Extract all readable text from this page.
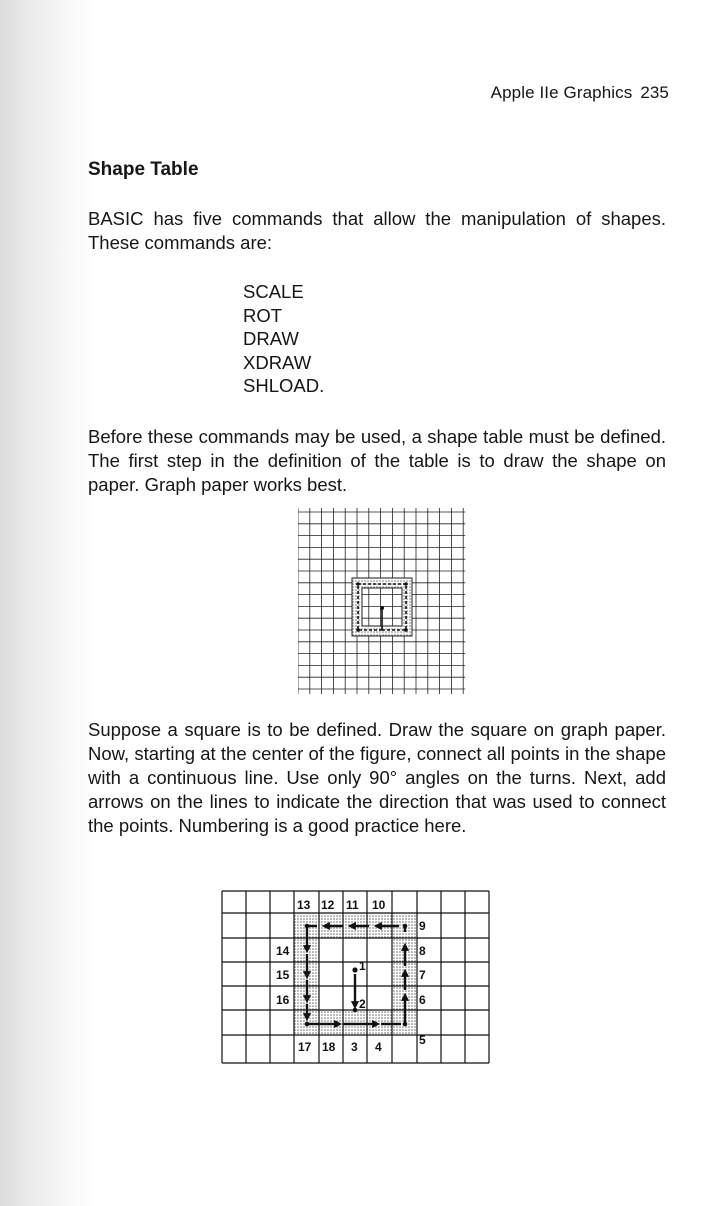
Apple IIe Graphics 235
Shape Table

BASIC has five commands that allow the manipulation of shapes. These commands are:

SCALE
ROT
DRAW
XDRAW
SHLOAD.

Before these commands may be used, a shape table must be defined. The first step in the definition of the table is to draw the shape on paper. Graph paper works best.

Suppose a square is to be defined. Draw the square on graph paper. Now, starting at the center of the figure, connect all points in the shape with a continuous line. Use only 90° angles on the turns. Next, add arrows on the lines to indicate the direction that was used to connect the points. Numbering is a good practice here.

13 12 11 10
9
8
7
6
5
14
15
16
17 18 3 4
1
2
